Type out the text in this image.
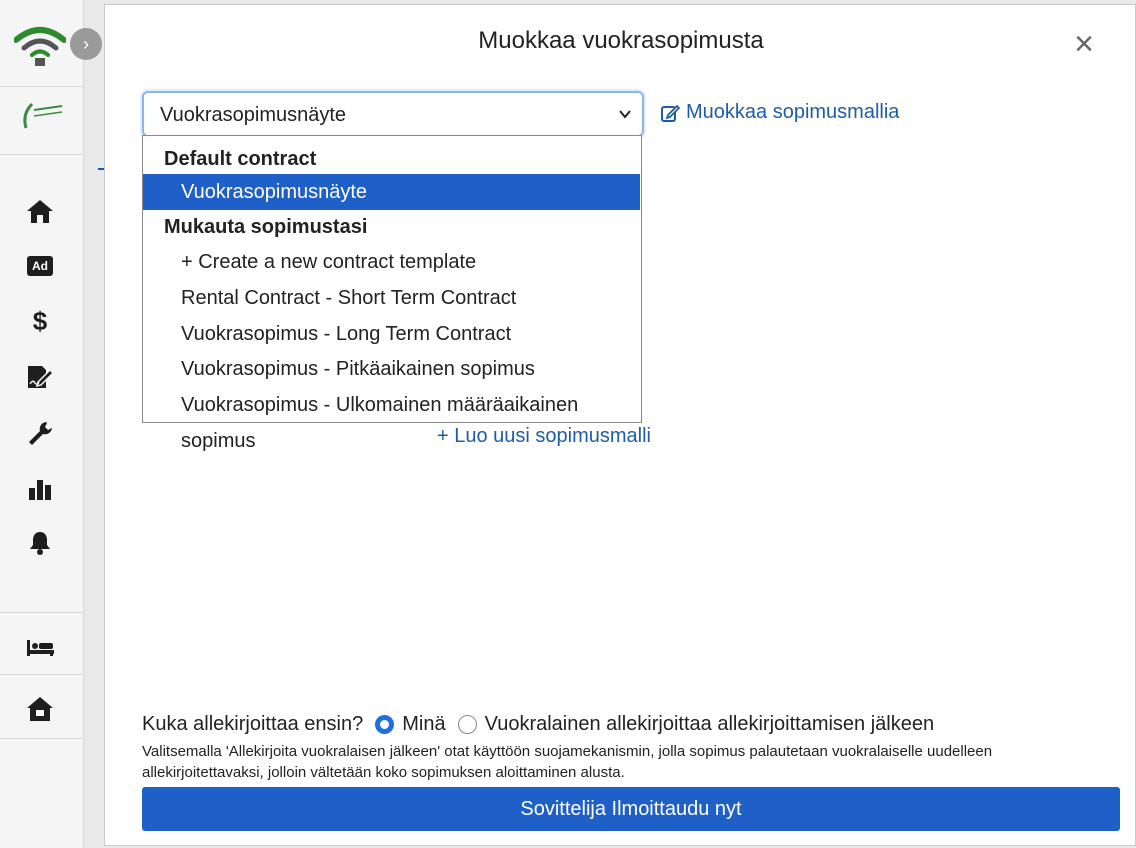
›
Ad
$
Muokkaa vuokrasopimusta	×
Vuokrasopimusnäyte	Muokkaa sopimusmallia
Default contract
Vuokrasopimusnäyte
Mukauta sopimustasi
+ Create a new contract template
Rental Contract - Short Term Contract
Vuokrasopimus - Long Term Contract
Vuokrasopimus - Pitkäaikainen sopimus
Vuokrasopimus - Ulkomainen määräaikainen sopimus	+ Luo uusi sopimusmalli
Kuka allekirjoittaa ensin? Minä Vuokralainen allekirjoittaa allekirjoittamisen jälkeen
Valitsemalla 'Allekirjoita vuokralaisen jälkeen' otat käyttöön suojamekanismin, jolla sopimus palautetaan vuokralaiselle uudelleen allekirjoitettavaksi, jolloin vältetään koko sopimuksen aloittaminen alusta.
Sovittelija Ilmoittaudu nyt
